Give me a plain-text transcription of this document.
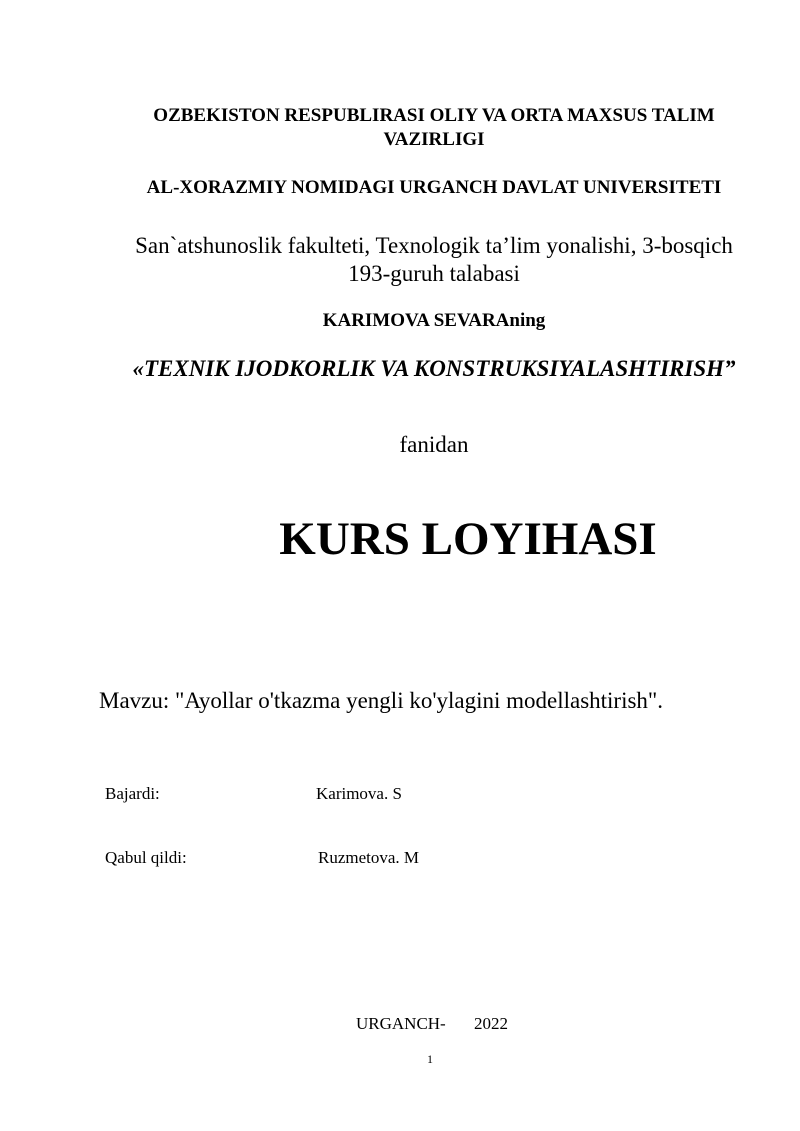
OZBEKISTON RESPUBLIRASI OLIY VA ORTA MAXSUS TALIM
VAZIRLIGI
AL-XORAZMIY NOMIDAGI URGANCH DAVLAT UNIVERSITETI
San`atshunoslik fakulteti, Texnologik ta’lim yonalishi, 3-bosqich
193-guruh talabasi
KARIMOVA SEVARAning
«TEXNIK IJODKORLIK VA KONSTRUKSIYALASHTIRISH”
fanidan
KURS LOYIHASI
Mavzu: "Ayollar o'tkazma yengli ko'ylagini modellashtirish".
Bajardi:	Karimova. S
Qabul qildi:	Ruzmetova. M
URGANCH- 2022
1
